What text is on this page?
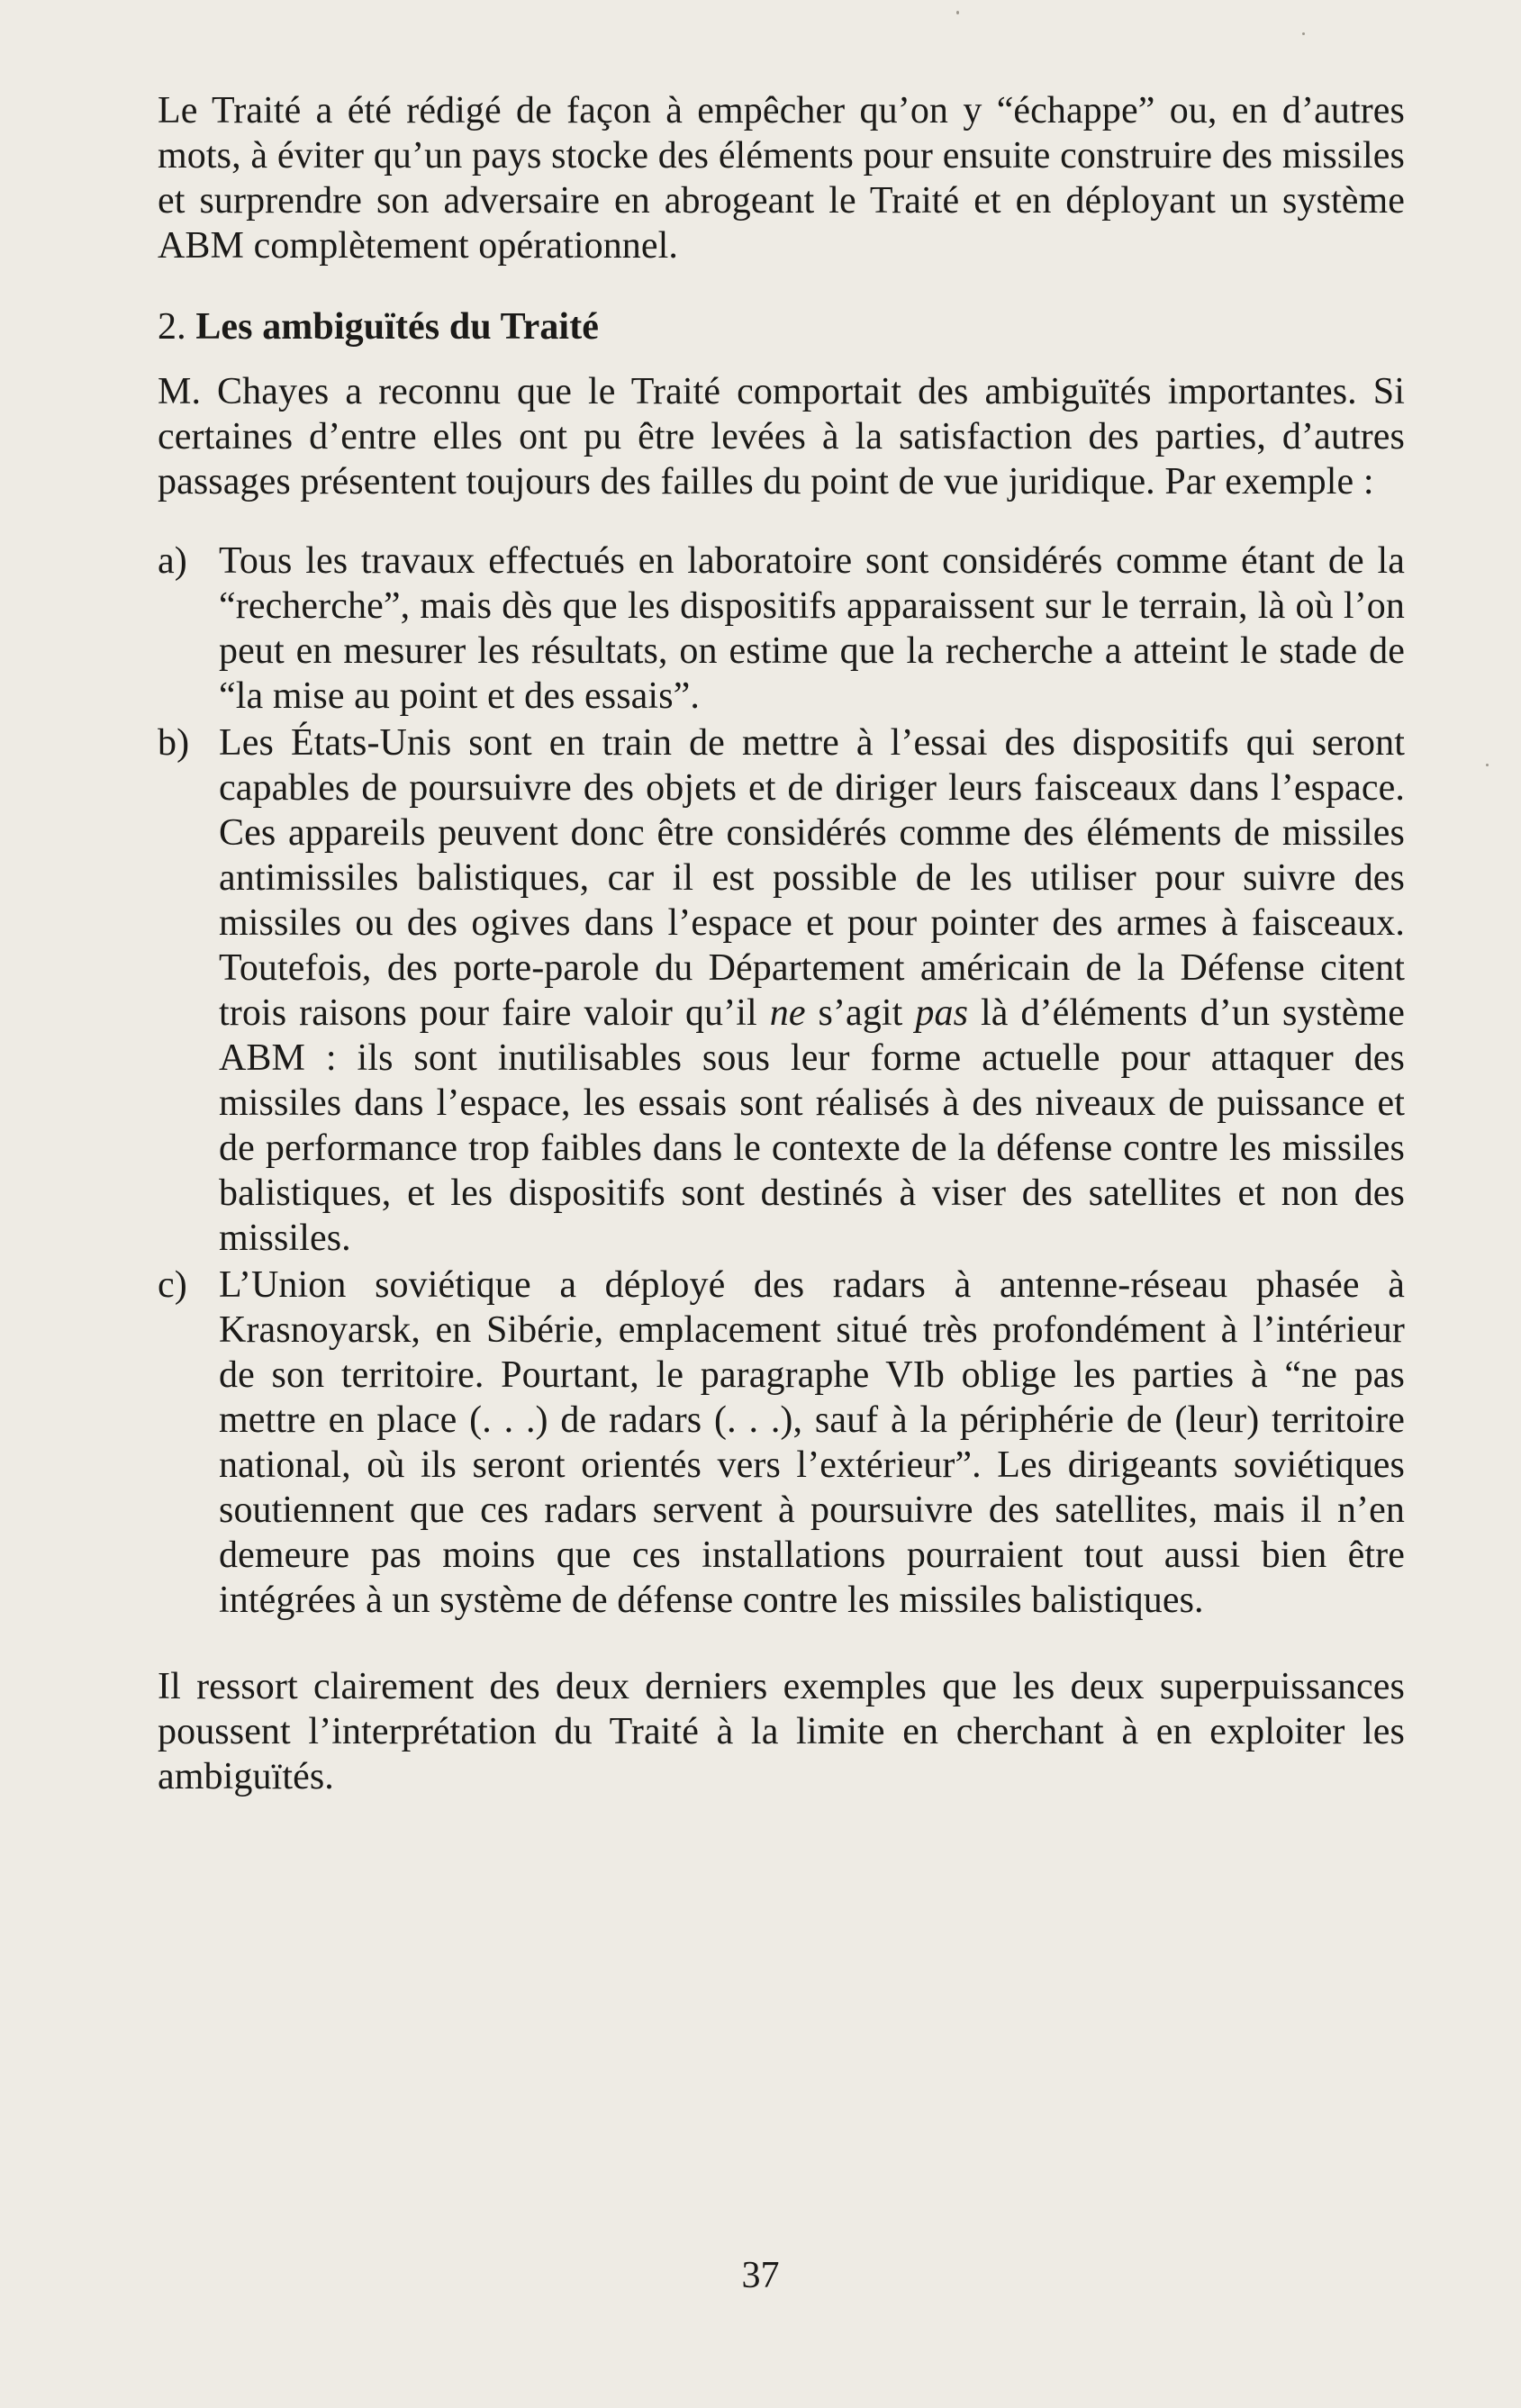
Le Traité a été rédigé de façon à empêcher qu’on y “échappe” ou, en d’autres mots, à éviter qu’un pays stocke des éléments pour ensuite construire des missiles et surprendre son adversaire en abrogeant le Traité et en déployant un système ABM complètement opérationnel.

2. Les ambiguïtés du Traité

M. Chayes a reconnu que le Traité comportait des ambiguïtés importantes. Si certaines d’entre elles ont pu être levées à la satisfaction des parties, d’autres passages présentent toujours des failles du point de vue juridique. Par exemple :

a) Tous les travaux effectués en laboratoire sont considérés comme étant de la “recherche”, mais dès que les dispositifs apparaissent sur le terrain, là où l’on peut en mesurer les résultats, on estime que la recherche a atteint le stade de “la mise au point et des essais”.
b) Les États-Unis sont en train de mettre à l’essai des dispositifs qui seront capables de poursuivre des objets et de diriger leurs faisceaux dans l’espace. Ces appareils peuvent donc être considérés comme des éléments de missiles antimissiles balistiques, car il est possible de les utiliser pour suivre des missiles ou des ogives dans l’espace et pour pointer des armes à faisceaux. Toutefois, des porte-parole du Département américain de la Défense citent trois raisons pour faire valoir qu’il ne s’agit pas là d’éléments d’un système ABM : ils sont inutilisables sous leur forme actuelle pour attaquer des missiles dans l’espace, les essais sont réalisés à des niveaux de puissance et de performance trop faibles dans le contexte de la défense contre les missiles balistiques, et les dispositifs sont destinés à viser des satellites et non des missiles.
c) L’Union soviétique a déployé des radars à antenne-réseau phasée à Krasnoyarsk, en Sibérie, emplacement situé très profondément à l’intérieur de son territoire. Pourtant, le paragraphe VIb oblige les parties à “ne pas mettre en place (. . .) de radars (. . .), sauf à la périphérie de (leur) territoire national, où ils seront orientés vers l’extérieur”. Les dirigeants soviétiques soutiennent que ces radars servent à poursuivre des satellites, mais il n’en demeure pas moins que ces installations pourraient tout aussi bien être intégrées à un système de défense contre les missiles balistiques.

Il ressort clairement des deux derniers exemples que les deux superpuissances poussent l’interprétation du Traité à la limite en cherchant à en exploiter les ambiguïtés.

37
